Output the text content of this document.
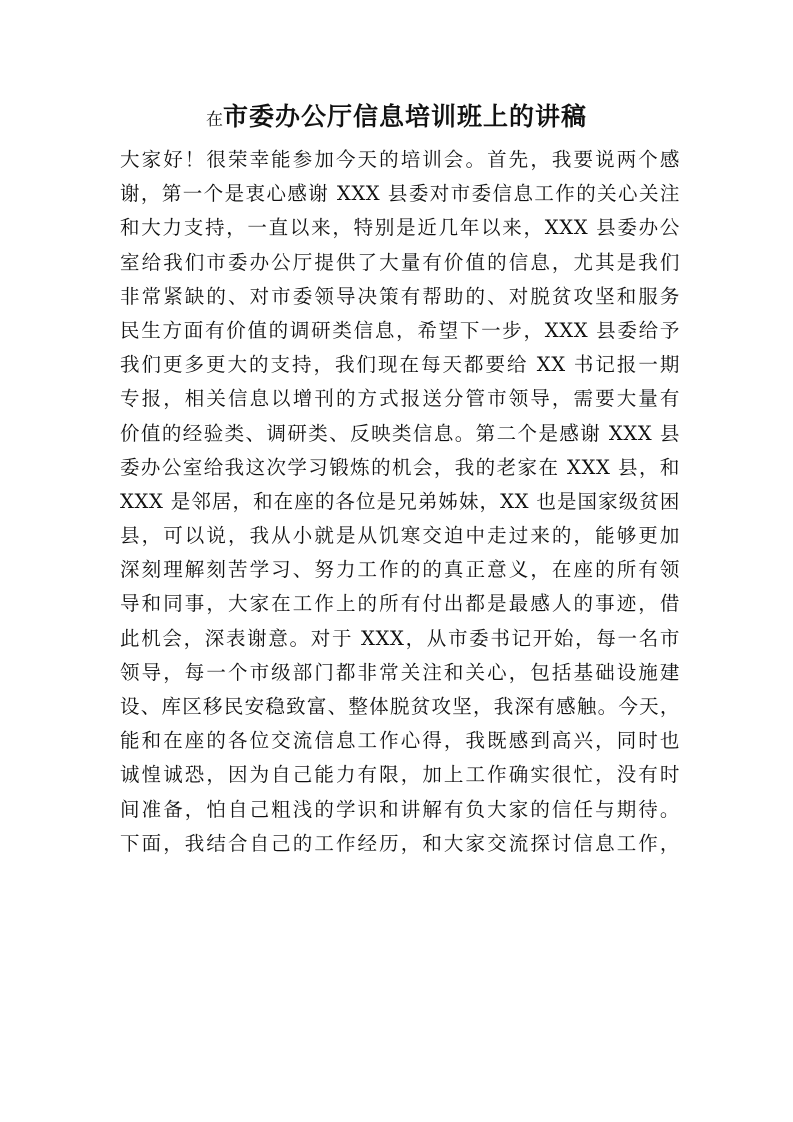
在市委办公厅信息培训班上的讲稿
大家好！很荣幸能参加今天的培训会。首先，我要说两个感
谢，第一个是衷心感谢 XXX 县委对市委信息工作的关心关注
和大力支持，一直以来，特别是近几年以来，XXX 县委办公
室给我们市委办公厅提供了大量有价值的信息，尤其是我们
非常紧缺的、对市委领导决策有帮助的、对脱贫攻坚和服务
民生方面有价值的调研类信息，希望下一步，XXX 县委给予
我们更多更大的支持，我们现在每天都要给 XX 书记报一期
专报，相关信息以增刊的方式报送分管市领导，需要大量有
价值的经验类、调研类、反映类信息。第二个是感谢 XXX 县
委办公室给我这次学习锻炼的机会，我的老家在 XXX 县，和
XXX 是邻居，和在座的各位是兄弟姊妹，XX 也是国家级贫困
县，可以说，我从小就是从饥寒交迫中走过来的，能够更加
深刻理解刻苦学习、努力工作的的真正意义，在座的所有领
导和同事，大家在工作上的所有付出都是最感人的事迹，借
此机会，深表谢意。对于 XXX，从市委书记开始，每一名市
领导，每一个市级部门都非常关注和关心，包括基础设施建
设、库区移民安稳致富、整体脱贫攻坚，我深有感触。今天，
能和在座的各位交流信息工作心得，我既感到高兴，同时也
诚惶诚恐，因为自己能力有限，加上工作确实很忙，没有时
间准备，怕自己粗浅的学识和讲解有负大家的信任与期待。
下面，我结合自己的工作经历，和大家交流探讨信息工作，
